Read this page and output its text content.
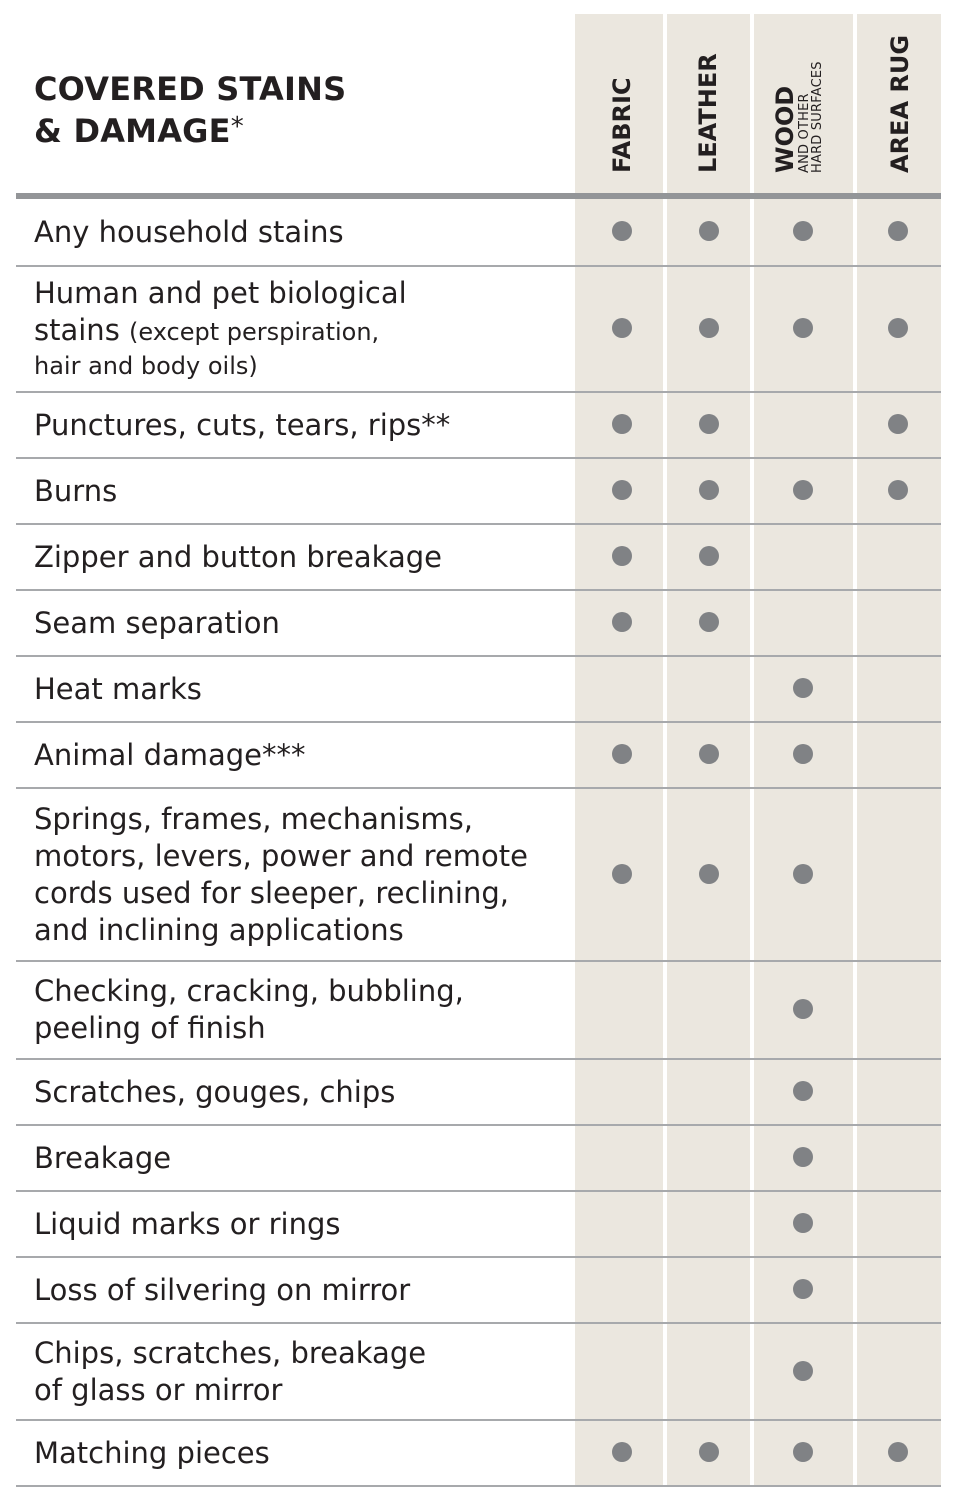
COVERED STAINS
& DAMAGE*	FABRIC LEATHER WOOD
AND OTHER
HARD SURFACES	AREA RUG
Any household stains
Human and pet biological
stains (except perspiration,
hair and body oils)
Punctures, cuts, tears, rips**
Burns
Zipper and button breakage
Seam separation
Heat marks
Animal damage***
Springs, frames, mechanisms,
motors, levers, power and remote
cords used for sleeper, reclining,
and inclining applications
Checking, cracking, bubbling,
peeling of finish
Scratches, gouges, chips
Breakage
Liquid marks or rings
Loss of silvering on mirror
Chips, scratches, breakage
of glass or mirror
Matching pieces
